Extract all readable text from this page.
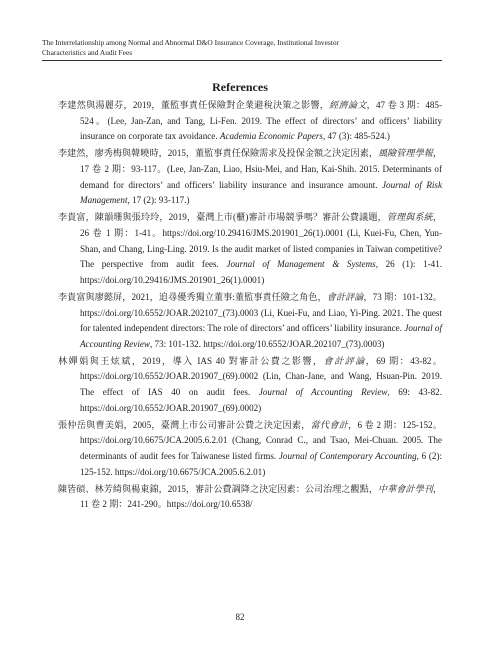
The Interrelationship among Normal and Abnormal D&O Insurance Coverage, Institutional Investor
Characteristics and Audit Fees
References

李建然與湯麗芬，2019，董監事責任保險對企業避稅決策之影響，經濟論文，47 卷 3 期：485-524。(Lee, Jan-Zan, and Tang, Li-Fen. 2019. The effect of directors’ and officers’ liability insurance on corporate tax avoidance. Academia Economic Papers, 47 (3): 485-524.)

李建然，廖秀梅與韓曉時，2015，董監事責任保險需求及投保金額之決定因素，風險管理學報，17 卷 2 期：93-117。(Lee, Jan-Zan, Liao, Hsiu-Mei, and Han, Kai-Shih. 2015. Determinants of demand for directors’ and officers’ liability insurance and insurance amount. Journal of Risk Management, 17 (2): 93-117.)

李貴富，陳韻珊與張玲玲，2019，臺灣上市(櫃)審計市場競爭嗎？審計公費議題，管理與系統，26 卷 1 期：1-41。https://doi.org/10.29416/JMS.201901_26(1).0001 (Li, Kuei-Fu, Chen, Yun-Shan, and Chang, Ling-Ling. 2019. Is the audit market of listed companies in Taiwan competitive? The perspective from audit fees. Journal of Management & Systems, 26 (1): 1-41. https://doi.org/10.29416/JMS.201901_26(1).0001)

李貴富與廖懿屏，2021，追尋優秀獨立董事:董監事責任險之角色，會計評論，73 期：101-132。https://doi.org/10.6552/JOAR.202107_(73).0003 (Li, Kuei-Fu, and Liao, Yi-Ping. 2021. The quest for talented independent directors: The role of directors’ and officers’ liability insurance. Journal of Accounting Review, 73: 101-132. https://doi.org/10.6552/JOAR.202107_(73).0003)

林嬋娟與王炫斌，2019，導入 IAS 40 對審計公費之影響，會計評論，69 期：43-82。https://doi.org/10.6552/JOAR.201907_(69).0002 (Lin, Chan-Jane, and Wang, Hsuan-Pin. 2019. The effect of IAS 40 on audit fees. Journal of Accounting Review, 69: 43-82. https://doi.org/10.6552/JOAR.201907_(69).0002)

張仲岳與曹美娟，2005，臺灣上市公司審計公費之決定因素，當代會計，6 卷 2 期：125-152。https://doi.org/10.6675/JCA.2005.6.2.01 (Chang, Conrad C., and Tsao, Mei-Chuan. 2005. The determinants of audit fees for Taiwanese listed firms. Journal of Contemporary Accounting, 6 (2): 125-152. https://doi.org/10.6675/JCA.2005.6.2.01)

陳皆碩、林芳綺與楊東錦，2015，審計公費調降之決定因素：公司治理之觀點，中華會計學刊，11 卷 2 期：241-290。https://doi.org/10.6538/

82
